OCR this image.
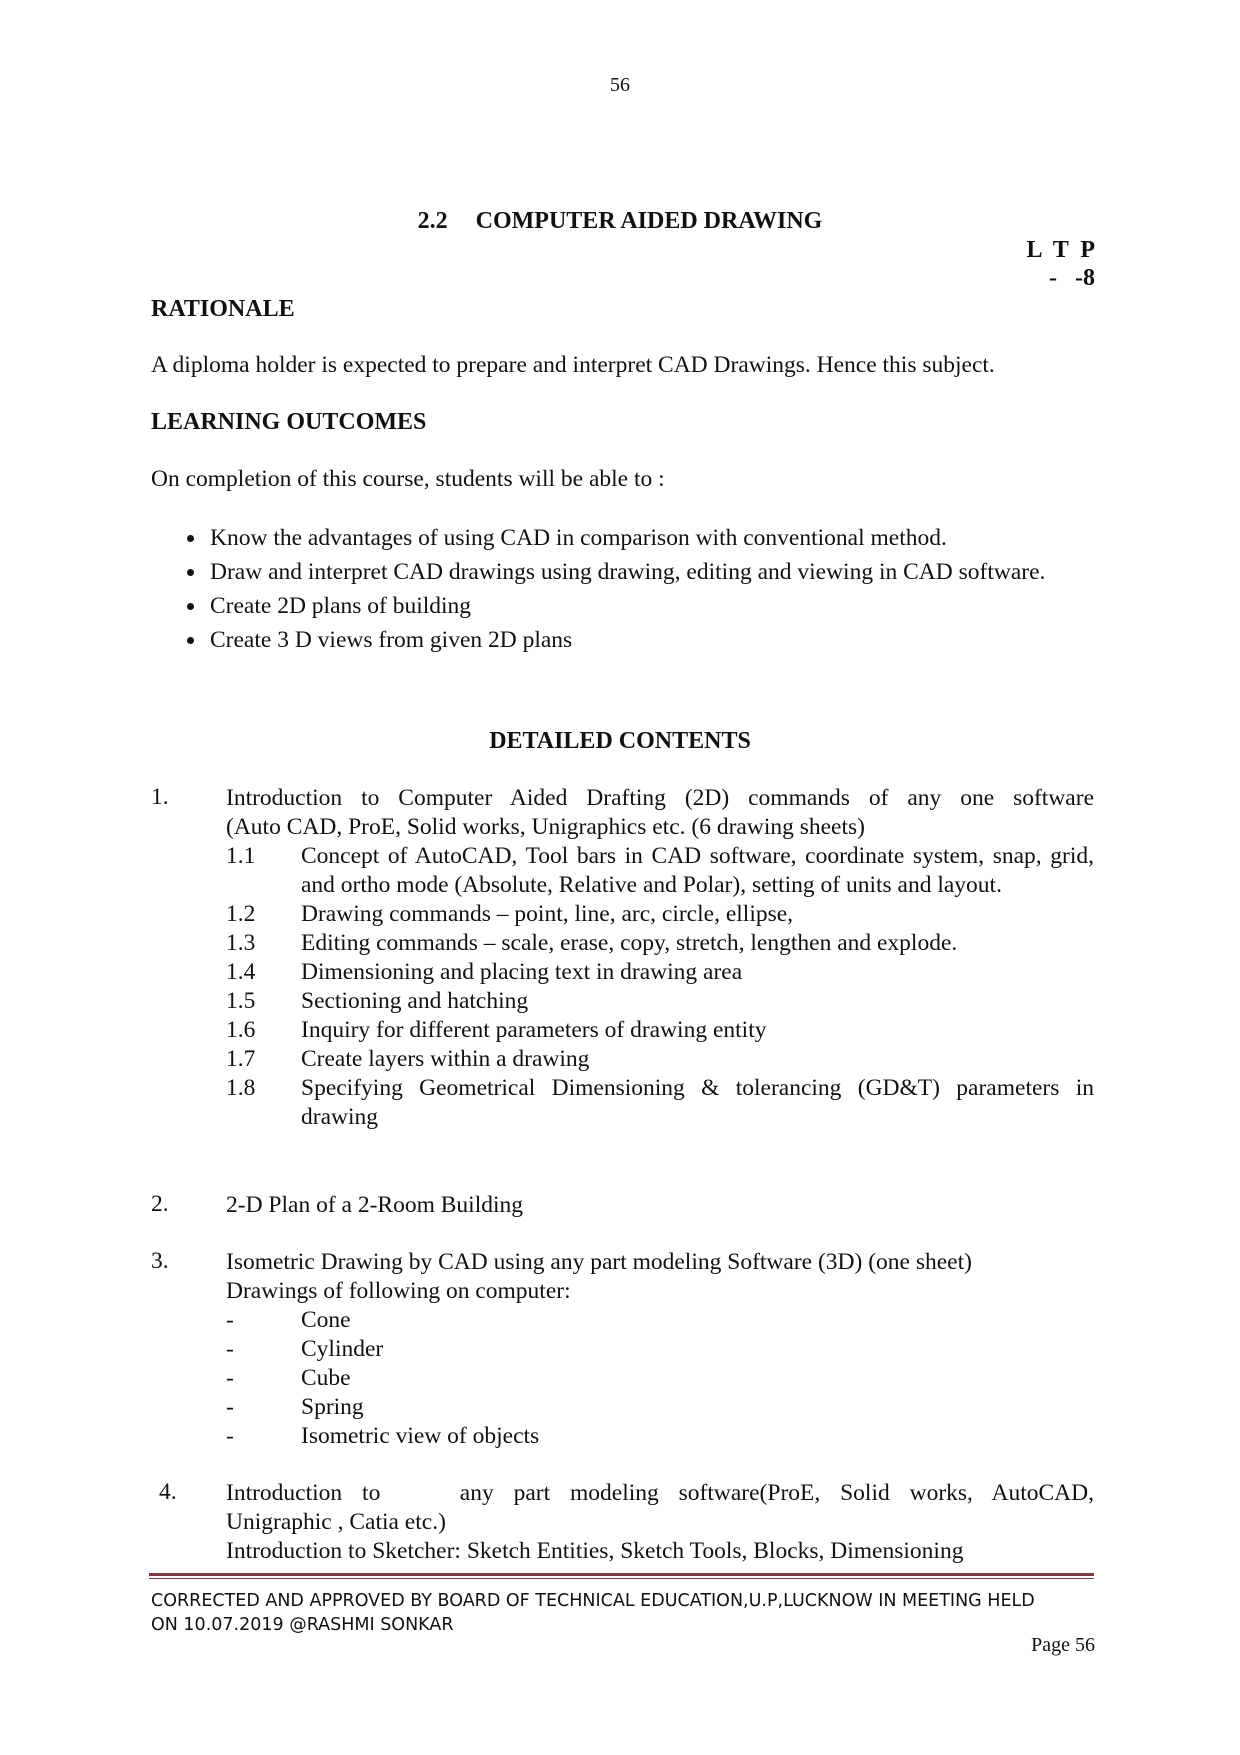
56
2.2 COMPUTER AIDED DRAWING
L  T  P
-   -8
RATIONALE
A diploma holder is expected to prepare and interpret CAD Drawings. Hence this subject.
LEARNING OUTCOMES
On completion of this course, students will be able to :
Know the advantages of using CAD in comparison with conventional method.
Draw and interpret CAD drawings using drawing, editing and viewing in CAD software.
Create 2D plans of building
Create 3 D views from given 2D plans
DETAILED CONTENTS
1. Introduction to Computer Aided Drafting (2D) commands of any one software
(Auto CAD, ProE, Solid works, Unigraphics etc. (6 drawing sheets)
1.1	Concept of AutoCAD, Tool bars in CAD software, coordinate system, snap, grid, and ortho mode (Absolute, Relative and Polar), setting of units and layout.
1.2	Drawing commands – point, line, arc, circle, ellipse,
1.3	Editing commands – scale, erase, copy, stretch, lengthen and explode.
1.4	Dimensioning and placing text in drawing area
1.5	Sectioning and hatching
1.6	Inquiry for different parameters of drawing entity
1.7	Create layers within a drawing
1.8	Specifying Geometrical Dimensioning & tolerancing (GD&T) parameters in drawing
2. 2-D Plan of a 2-Room Building
3. Isometric Drawing by CAD using any part modeling Software (3D) (one sheet)
Drawings of following on computer:
-	Cone
-	Cylinder
-	Cube
-	Spring
-	Isometric view of objects
4. Introduction to    any part modeling software(ProE, Solid works, AutoCAD,
Unigraphic , Catia etc.)
Introduction to Sketcher: Sketch Entities, Sketch Tools, Blocks, Dimensioning
CORRECTED AND APPROVED BY BOARD OF TECHNICAL EDUCATION,U.P,LUCKNOW IN MEETING HELD
ON 10.07.2019 @RASHMI SONKAR
Page 56
